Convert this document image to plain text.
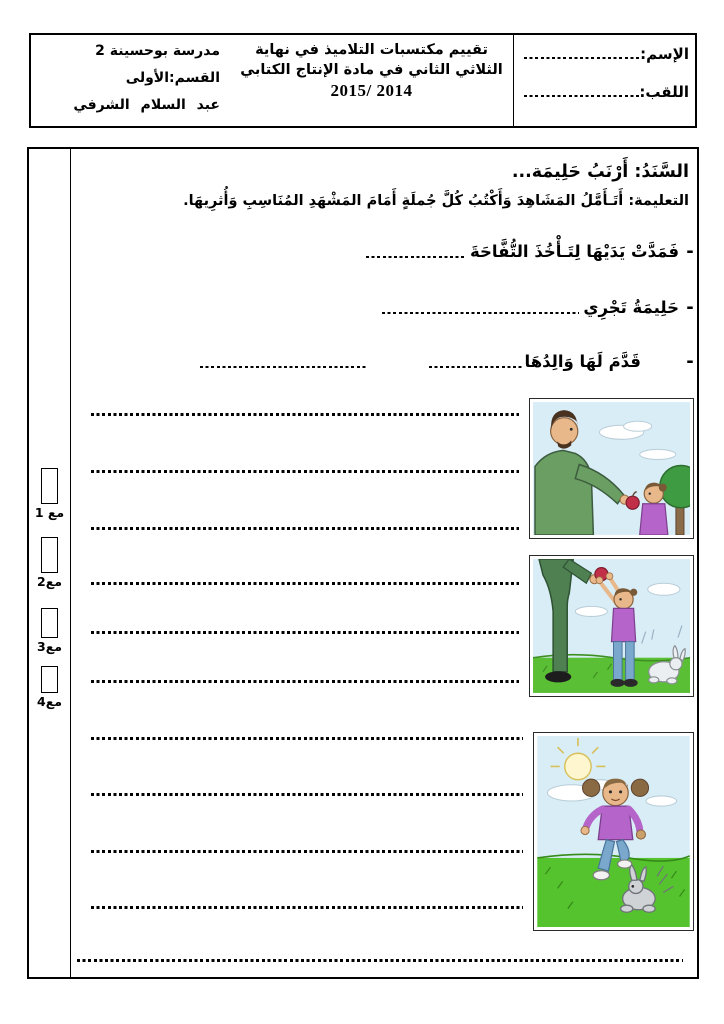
الإسم:
اللقب:
تقييم مكتسبات التلاميذ في نهاية
الثلاثي الثاني في مادة الإنتاج الكتابي
2015/ 2014
مدرسة بوحسينة 2
القسم:الأولى
عبد السلام الشرفي
السَّنَدُ: أَرْنَبُ حَلِيمَة...
التعليمة: أَتَـأَمَّلُ المَشَاهِدَ وَأَكْتُبُ كُلَّ جُملَةٍ أَمَامَ المَشْهَدِ المُنَاسِبِ وَأُثرِيهَا.
-
فَمَدَّتْ يَدَيْهَا لِتَـأْخُذَ التُّفَّاحَةَ
-
حَلِيمَةُ تَجْرِي
-
قَدَّمَ لَهَا وَالِدُهَا
مع 1
مع2
مع3
مع4
